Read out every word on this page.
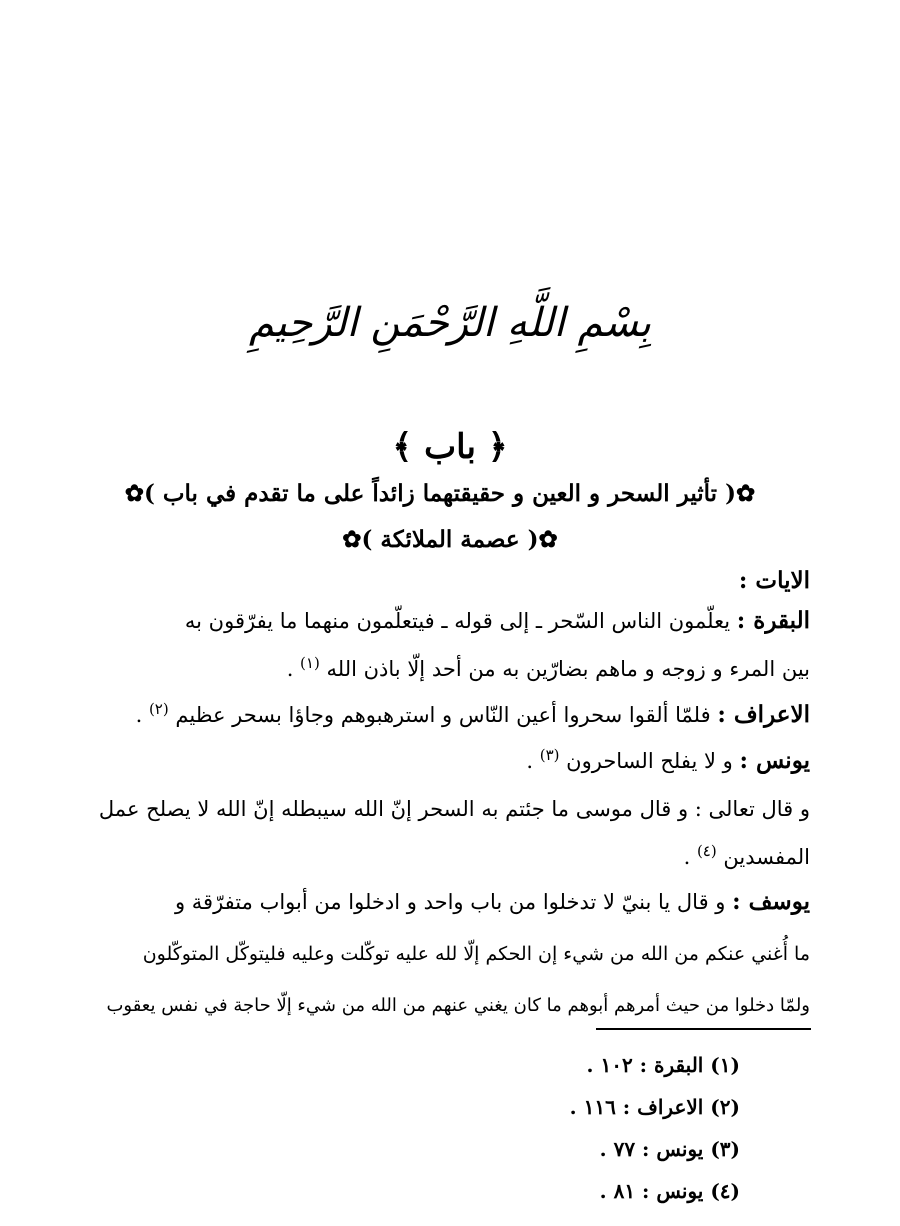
بِسْمِ اللَّهِ الرَّحْمَنِ الرَّحِيمِ
﴿ باب ﴾
✿( تأثير السحر و العين و حقيقتهما زائداً على ما تقدم في باب )✿
✿( عصمة الملائكة )✿
الايات :
البقرة : يعلّمون الناس السّحر ـ إلى قوله ـ فيتعلّمون منهما ما يفرّقون به
بين المرء و زوجه و ماهم بضارّين به من أحد إلّا باذن الله $^{(١)}$ .
الاعراف : فلمّا ألقوا سحروا أعين النّاس و استرهبوهم وجاؤا بسحر عظيم $^{(٢)}$ .
يونس : و لا يفلح الساحرون $^{(٣)}$ .
و قال تعالى : و قال موسى ما جئتم به السحر إنّ الله سيبطله إنّ الله لا يصلح عمل
المفسدين $^{(٤)}$ .
يوسف : و قال يا بنيّ لا تدخلوا من باب واحد و ادخلوا من أبواب متفرّقة و
ما أُغني عنكم من الله من شيء إن الحكم إلّا لله عليه توكّلت وعليه فليتوكّل المتوكّلون
ولمّا دخلوا من حيث أمرهم أبوهم ما كان يغني عنهم من الله من شيء إلّا حاجة في نفس يعقوب
(١) البقرة : ١٠٢ .
(٢) الاعراف : ١١٦ .
(٣) يونس : ٧٧ .
(٤) يونس : ٨١ .
